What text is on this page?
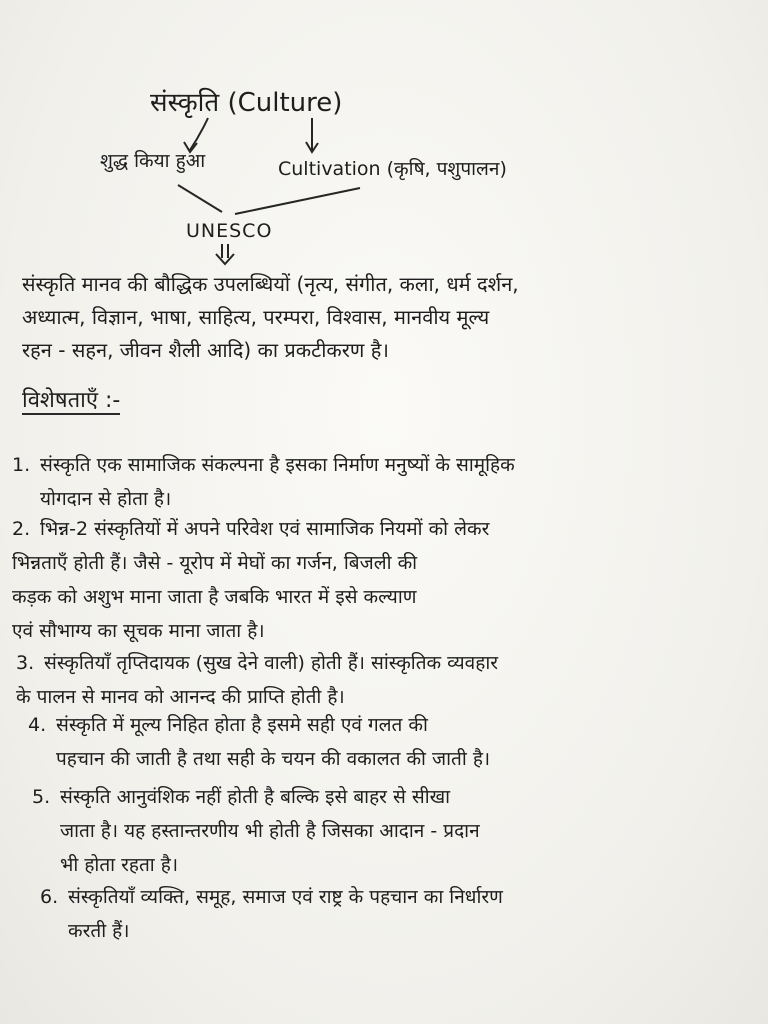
संस्कृति (Culture)
शुद्ध किया हुआ	Cultivation (कृषि, पशुपालन)
UNESCO
संस्कृति मानव की बौद्धिक उपलब्धियों (नृत्य, संगीत, कला, धर्म दर्शन,
अध्यात्म, विज्ञान, भाषा, साहित्य, परम्परा, विश्वास, मानवीय मूल्य
रहन - सहन, जीवन शैली आदि) का प्रकटीकरण है।
विशेषताएँ :-
1. संस्कृति एक सामाजिक संकल्पना है इसका निर्माण मनुष्यों के सामूहिक
योगदान से होता है।
2. भिन्न-2 संस्कृतियों में अपने परिवेश एवं सामाजिक नियमों को लेकर
भिन्नताएँ होती हैं। जैसे - यूरोप में मेघों का गर्जन, बिजली की
कड़क को अशुभ माना जाता है जबकि भारत में इसे कल्याण
एवं सौभाग्य का सूचक माना जाता है।
3. संस्कृतियाँ तृप्तिदायक (सुख देने वाली) होती हैं। सांस्कृतिक व्यवहार
के पालन से मानव को आनन्द की प्राप्ति होती है।
4. संस्कृति में मूल्य निहित होता है इसमे सही एवं गलत की
पहचान की जाती है तथा सही के चयन की वकालत की जाती है।
5. संस्कृति आनुवंशिक नहीं होती है बल्कि इसे बाहर से सीखा
जाता है। यह हस्तान्तरणीय भी होती है जिसका आदान - प्रदान
भी होता रहता है।
6. संस्कृतियाँ व्यक्ति, समूह, समाज एवं राष्ट्र के पहचान का निर्धारण
करती हैं।
